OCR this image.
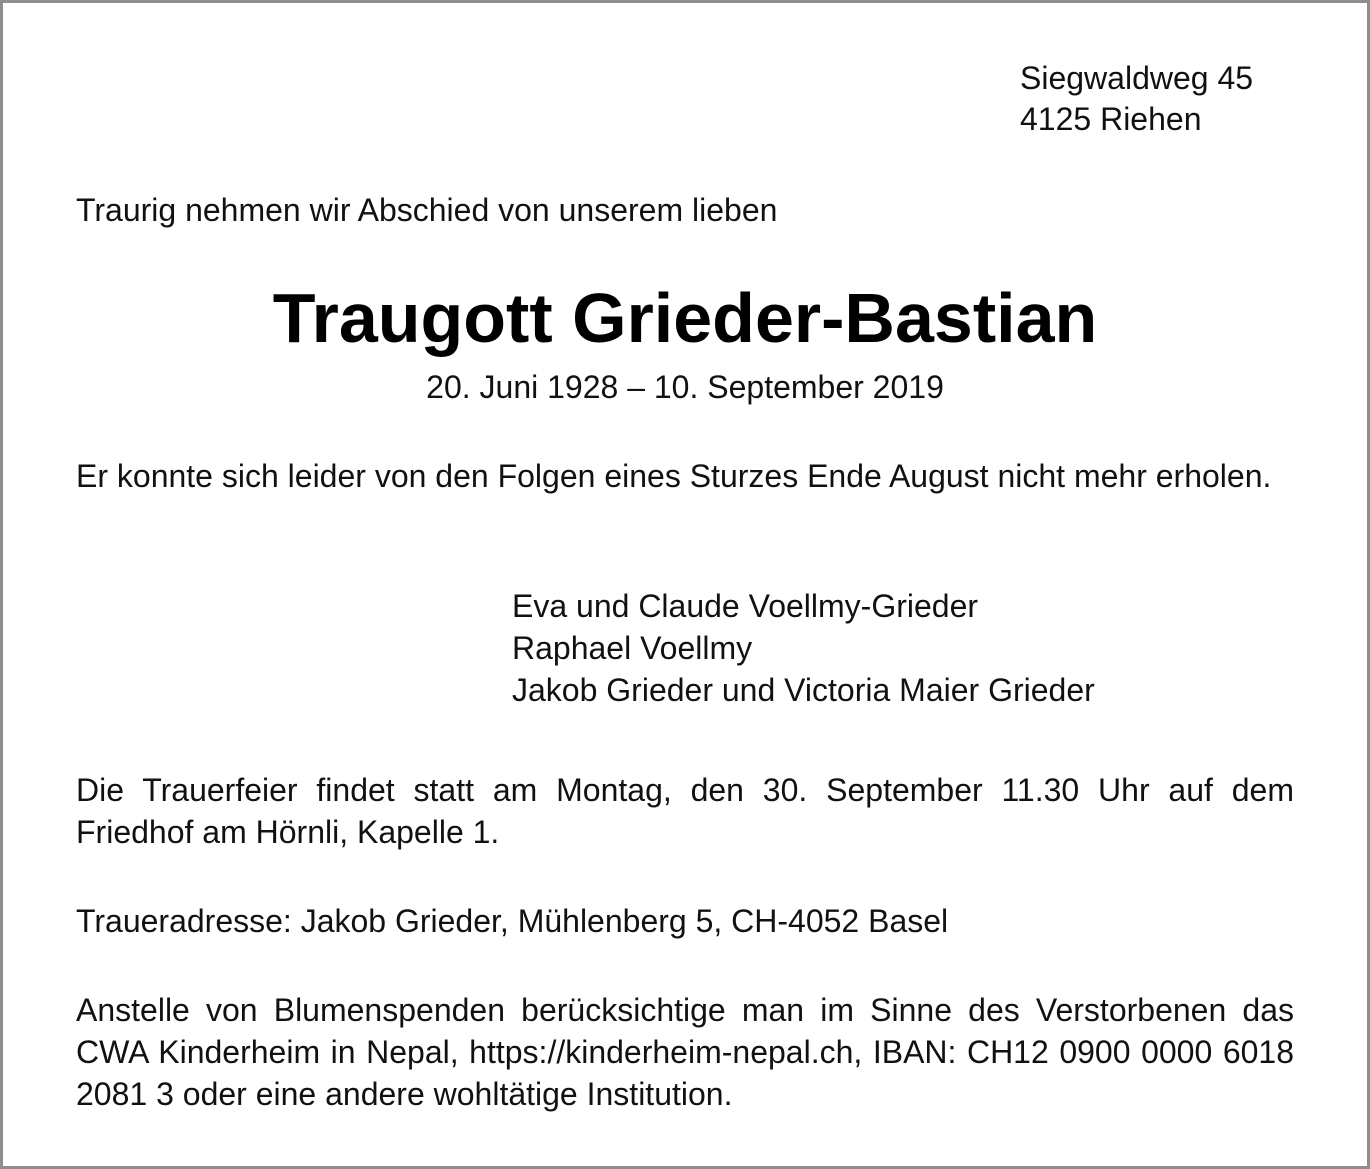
Siegwaldweg 45
4125 Riehen
Traurig nehmen wir Abschied von unserem lieben
Traugott Grieder-Bastian
20. Juni 1928 – 10. September 2019
Er konnte sich leider von den Folgen eines Sturzes Ende August nicht mehr erholen.
Eva und Claude Voellmy-Grieder
Raphael Voellmy
Jakob Grieder und Victoria Maier Grieder
Die Trauerfeier findet statt am Montag, den 30. September 11.30 Uhr auf dem Friedhof am Hörnli, Kapelle 1.
Traueradresse: Jakob Grieder, Mühlenberg 5, CH-4052 Basel
Anstelle von Blumenspenden berücksichtige man im Sinne des Verstorbenen das CWA Kinderheim in Nepal, https://kinderheim-nepal.ch, IBAN: CH12 0900 0000 6018 2081 3 oder eine andere wohltätige Institution.
